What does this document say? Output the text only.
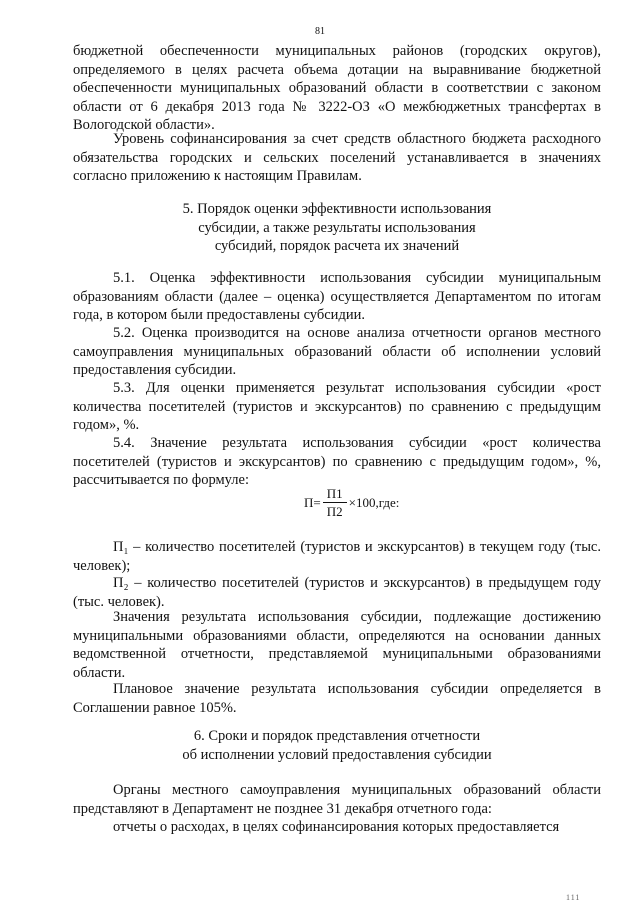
81

бюджетной обеспеченности муниципальных районов (городских округов), определяемого в целях расчета объема дотации на выравнивание бюджетной обеспеченности муниципальных образований области в соответствии с законом области от 6 декабря 2013 года № 3222-ОЗ «О межбюджетных трансфертах в Вологодской области».

Уровень софинансирования за счет средств областного бюджета расходного обязательства городских и сельских поселений устанавливается в значениях согласно приложению к настоящим Правилам.

5. Порядок оценки эффективности использования
субсидии, а также результаты использования
субсидий, порядок расчета их значений

5.1. Оценка эффективности использования субсидии муниципальным образованиям области (далее – оценка) осуществляется Департаментом по итогам года, в котором были предоставлены субсидии.

5.2. Оценка производится на основе анализа отчетности органов местного самоуправления муниципальных образований области об исполнении условий предоставления субсидии.

5.3. Для оценки применяется результат использования субсидии «рост количества посетителей (туристов и экскурсантов) по сравнению с предыдущим годом», %.

5.4. Значение результата использования субсидии «рост количества посетителей (туристов и экскурсантов) по сравнению с предыдущим годом», %, рассчитывается по формуле:

$П= \frac{П1}{П2} \times 100,где$:

П₁ – количество посетителей (туристов и экскурсантов) в текущем году (тыс. человек);

П₂ – количество посетителей (туристов и экскурсантов) в предыдущем году (тыс. человек).

Значения результата использования субсидии, подлежащие достижению муниципальными образованиями области, определяются на основании данных ведомственной отчетности, представляемой муниципальными образованиями области.

Плановое значение результата использования субсидии определяется в Соглашении равное 105%.

6. Сроки и порядок представления отчетности
об исполнении условий предоставления субсидии

Органы местного самоуправления муниципальных образований области представляют в Департамент не позднее 31 декабря отчетного года:

отчеты о расходах, в целях софинансирования которых предоставляется

111
